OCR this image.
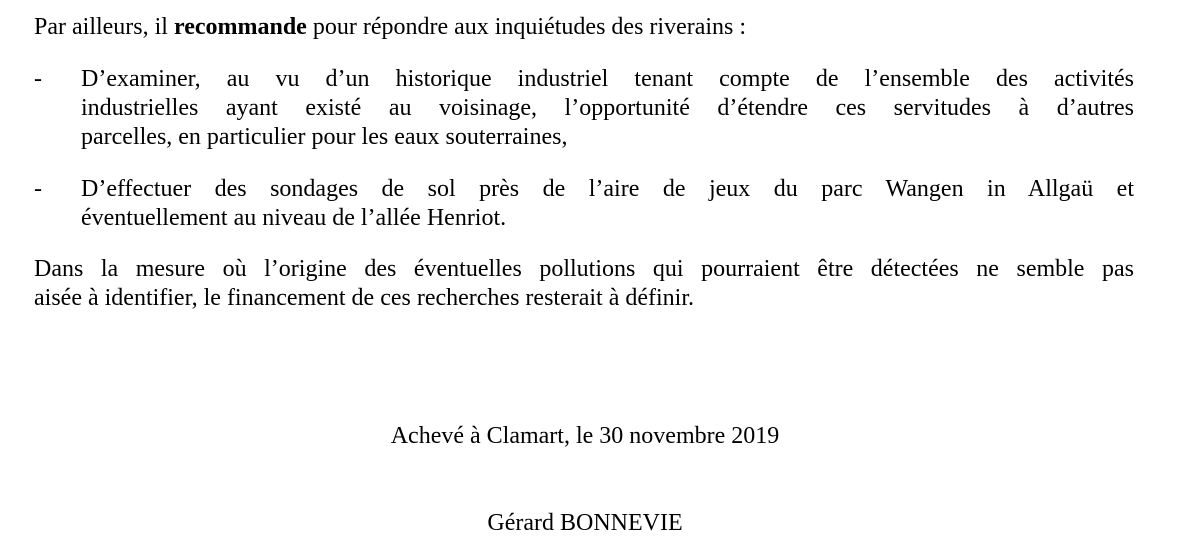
Par ailleurs, il recommande pour répondre aux inquiétudes des riverains :

-	D’examiner, au vu d’un historique industriel tenant compte de l’ensemble des activités
industrielles ayant existé au voisinage, l’opportunité d’étendre ces servitudes à d’autres
parcelles, en particulier pour les eaux souterraines,
-	D’effectuer des sondages de sol près de l’aire de jeux du parc Wangen in Allgaü et
éventuellement au niveau de l’allée Henriot.
Dans la mesure où l’origine des éventuelles pollutions qui pourraient être détectées ne semble pas
aisée à identifier, le financement de ces recherches resterait à définir.

Achevé à Clamart, le 30 novembre 2019

Gérard BONNEVIE
